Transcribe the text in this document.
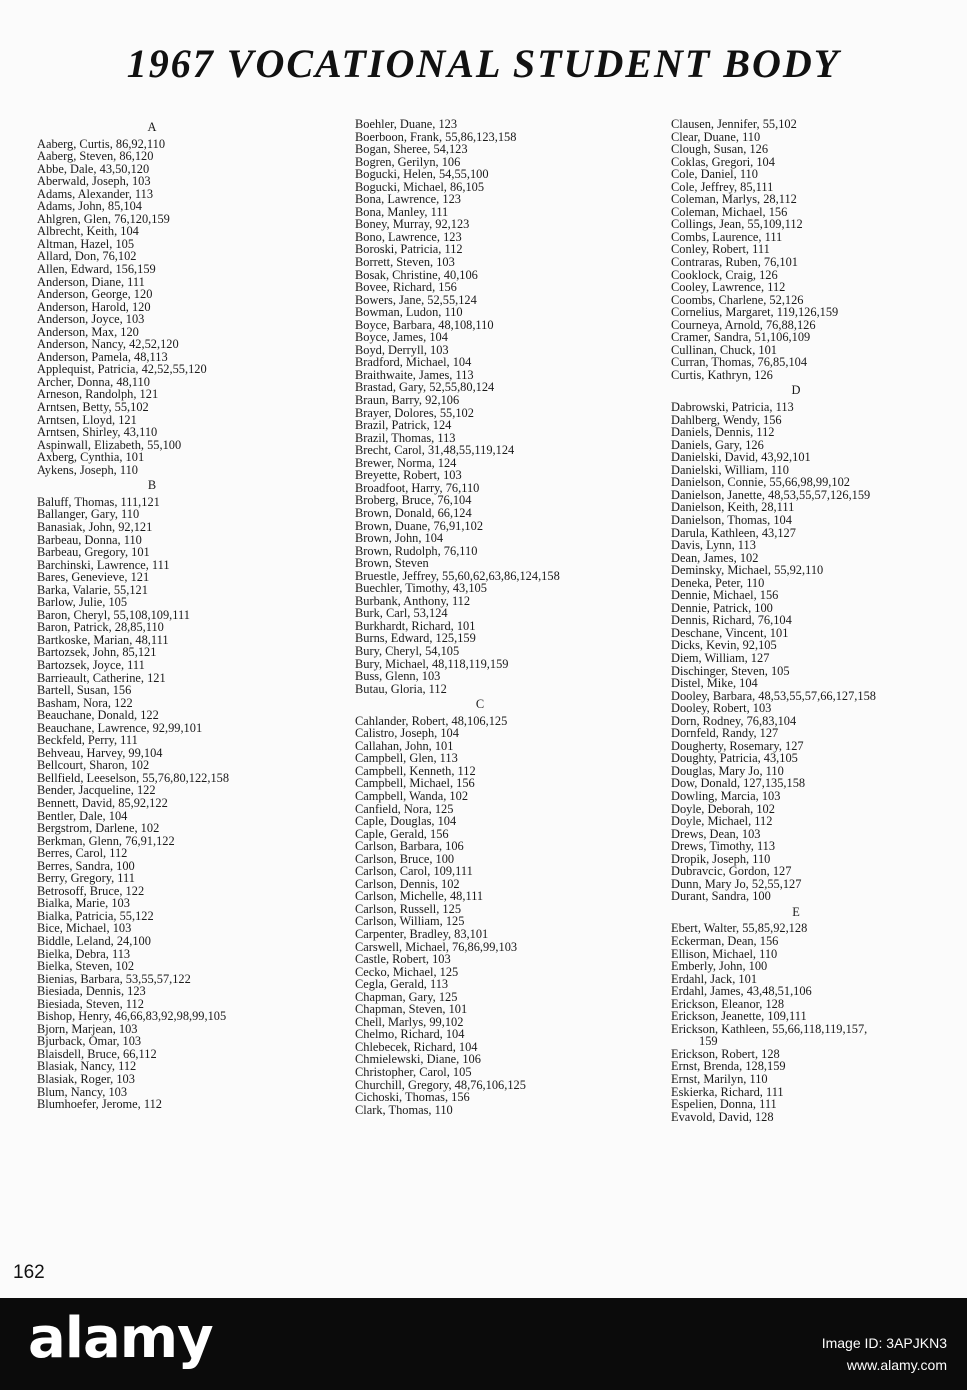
1967 VOCATIONAL STUDENT BODY
A
Aaberg, Curtis, 86,92,110
Aaberg, Steven, 86,120
Abbe, Dale, 43,50,120
Aberwald, Joseph, 103
Adams, Alexander, 113
Adams, John, 85,104
Ahlgren, Glen, 76,120,159
Albrecht, Keith, 104
Altman, Hazel, 105
Allard, Don, 76,102
Allen, Edward, 156,159
Anderson, Diane, 111
Anderson, George, 120
Anderson, Harold, 120
Anderson, Joyce, 103
Anderson, Max, 120
Anderson, Nancy, 42,52,120
Anderson, Pamela, 48,113
Applequist, Patricia, 42,52,55,120
Archer, Donna, 48,110
Arneson, Randolph, 121
Arntsen, Betty, 55,102
Arntsen, Lloyd, 121
Arntsen, Shirley, 43,110
Aspinwall, Elizabeth, 55,100
Axberg, Cynthia, 101
Aykens, Joseph, 110
B
Baluff, Thomas, 111,121
Ballanger, Gary, 110
Banasiak, John, 92,121
Barbeau, Donna, 110
Barbeau, Gregory, 101
Barchinski, Lawrence, 111
Bares, Genevieve, 121
Barka, Valarie, 55,121
Barlow, Julie, 105
Baron, Cheryl, 55,108,109,111
Baron, Patrick, 28,85,110
Bartkoske, Marian, 48,111
Bartozsek, John, 85,121
Bartozsek, Joyce, 111
Barrieault, Catherine, 121
Bartell, Susan, 156
Basham, Nora, 122
Beauchane, Donald, 122
Beauchane, Lawrence, 92,99,101
Beckfeld, Perry, 111
Behveau, Harvey, 99,104
Bellcourt, Sharon, 102
Bellfield, Leeselson, 55,76,80,122,158
Bender, Jacqueline, 122
Bennett, David, 85,92,122
Bentler, Dale, 104
Bergstrom, Darlene, 102
Berkman, Glenn, 76,91,122
Berres, Carol, 112
Berres, Sandra, 100
Berry, Gregory, 111
Betrosoff, Bruce, 122
Bialka, Marie, 103
Bialka, Patricia, 55,122
Bice, Michael, 103
Biddle, Leland, 24,100
Bielka, Debra, 113
Bielka, Steven, 102
Bienias, Barbara, 53,55,57,122
Biesiada, Dennis, 123
Biesiada, Steven, 112
Bishop, Henry, 46,66,83,92,98,99,105
Bjorn, Marjean, 103
Bjurback, Omar, 103
Blaisdell, Bruce, 66,112
Blasiak, Nancy, 112
Blasiak, Roger, 103
Blum, Nancy, 103
Blumhoefer, Jerome, 112
Boehler, Duane, 123
Boerboon, Frank, 55,86,123,158
Bogan, Sheree, 54,123
Bogren, Gerilyn, 106
Bogucki, Helen, 54,55,100
Bogucki, Michael, 86,105
Bona, Lawrence, 123
Bona, Manley, 111
Boney, Murray, 92,123
Bono, Lawrence, 123
Boroski, Patricia, 112
Borrett, Steven, 103
Bosak, Christine, 40,106
Bovee, Richard, 156
Bowers, Jane, 52,55,124
Bowman, Ludon, 110
Boyce, Barbara, 48,108,110
Boyce, James, 104
Boyd, Derryll, 103
Bradford, Michael, 104
Braithwaite, James, 113
Brastad, Gary, 52,55,80,124
Braun, Barry, 92,106
Brayer, Dolores, 55,102
Brazil, Patrick, 124
Brazil, Thomas, 113
Brecht, Carol, 31,48,55,119,124
Brewer, Norma, 124
Breyette, Robert, 103
Broadfoot, Harry, 76,110
Broberg, Bruce, 76,104
Brown, Donald, 66,124
Brown, Duane, 76,91,102
Brown, John, 104
Brown, Rudolph, 76,110
Brown, Steven
Bruestle, Jeffrey, 55,60,62,63,86,124,158
Buechler, Timothy, 43,105
Burbank, Anthony, 112
Burk, Carl, 53,124
Burkhardt, Richard, 101
Burns, Edward, 125,159
Bury, Cheryl, 54,105
Bury, Michael, 48,118,119,159
Buss, Glenn, 103
Butau, Gloria, 112
C
Cahlander, Robert, 48,106,125
Calistro, Joseph, 104
Callahan, John, 101
Campbell, Glen, 113
Campbell, Kenneth, 112
Campbell, Michael, 156
Campbell, Wanda, 102
Canfield, Nora, 125
Caple, Douglas, 104
Caple, Gerald, 156
Carlson, Barbara, 106
Carlson, Bruce, 100
Carlson, Carol, 109,111
Carlson, Dennis, 102
Carlson, Michelle, 48,111
Carlson, Russell, 125
Carlson, William, 125
Carpenter, Bradley, 83,101
Carswell, Michael, 76,86,99,103
Castle, Robert, 103
Cecko, Michael, 125
Cegla, Gerald, 113
Chapman, Gary, 125
Chapman, Steven, 101
Chell, Marlys, 99,102
Chelmo, Richard, 104
Chlebecek, Richard, 104
Chmielewski, Diane, 106
Christopher, Carol, 105
Churchill, Gregory, 48,76,106,125
Cichoski, Thomas, 156
Clark, Thomas, 110
Clausen, Jennifer, 55,102
Clear, Duane, 110
Clough, Susan, 126
Coklas, Gregori, 104
Cole, Daniel, 110
Cole, Jeffrey, 85,111
Coleman, Marlys, 28,112
Coleman, Michael, 156
Collings, Jean, 55,109,112
Combs, Laurence, 111
Conley, Robert, 111
Contraras, Ruben, 76,101
Cooklock, Craig, 126
Cooley, Lawrence, 112
Coombs, Charlene, 52,126
Cornelius, Margaret, 119,126,159
Courneya, Arnold, 76,88,126
Cramer, Sandra, 51,106,109
Cullinan, Chuck, 101
Curran, Thomas, 76,85,104
Curtis, Kathryn, 126
D
Dabrowski, Patricia, 113
Dahlberg, Wendy, 156
Daniels, Dennis, 112
Daniels, Gary, 126
Danielski, David, 43,92,101
Danielski, William, 110
Danielson, Connie, 55,66,98,99,102
Danielson, Janette, 48,53,55,57,126,159
Danielson, Keith, 28,111
Danielson, Thomas, 104
Darula, Kathleen, 43,127
Davis, Lynn, 113
Dean, James, 102
Deminsky, Michael, 55,92,110
Deneka, Peter, 110
Dennie, Michael, 156
Dennie, Patrick, 100
Dennis, Richard, 76,104
Deschane, Vincent, 101
Dicks, Kevin, 92,105
Diem, William, 127
Dischinger, Steven, 105
Distel, Mike, 104
Dooley, Barbara, 48,53,55,57,66,127,158
Dooley, Robert, 103
Dorn, Rodney, 76,83,104
Dornfeld, Randy, 127
Dougherty, Rosemary, 127
Doughty, Patricia, 43,105
Douglas, Mary Jo, 110
Dow, Donald, 127,135,158
Dowling, Marcia, 103
Doyle, Deborah, 102
Doyle, Michael, 112
Drews, Dean, 103
Drews, Timothy, 113
Dropik, Joseph, 110
Dubravcic, Gordon, 127
Dunn, Mary Jo, 52,55,127
Durant, Sandra, 100
E
Ebert, Walter, 55,85,92,128
Eckerman, Dean, 156
Ellison, Michael, 110
Emberly, John, 100
Erdahl, Jack, 101
Erdahl, James, 43,48,51,106
Erickson, Eleanor, 128
Erickson, Jeanette, 109,111
Erickson, Kathleen, 55,66,118,119,157,
159
Erickson, Robert, 128
Ernst, Brenda, 128,159
Ernst, Marilyn, 110
Eskierka, Richard, 111
Espelien, Donna, 111
Evavold, David, 128
162
alamy	Image ID: 3APJKN3
www.alamy.com
